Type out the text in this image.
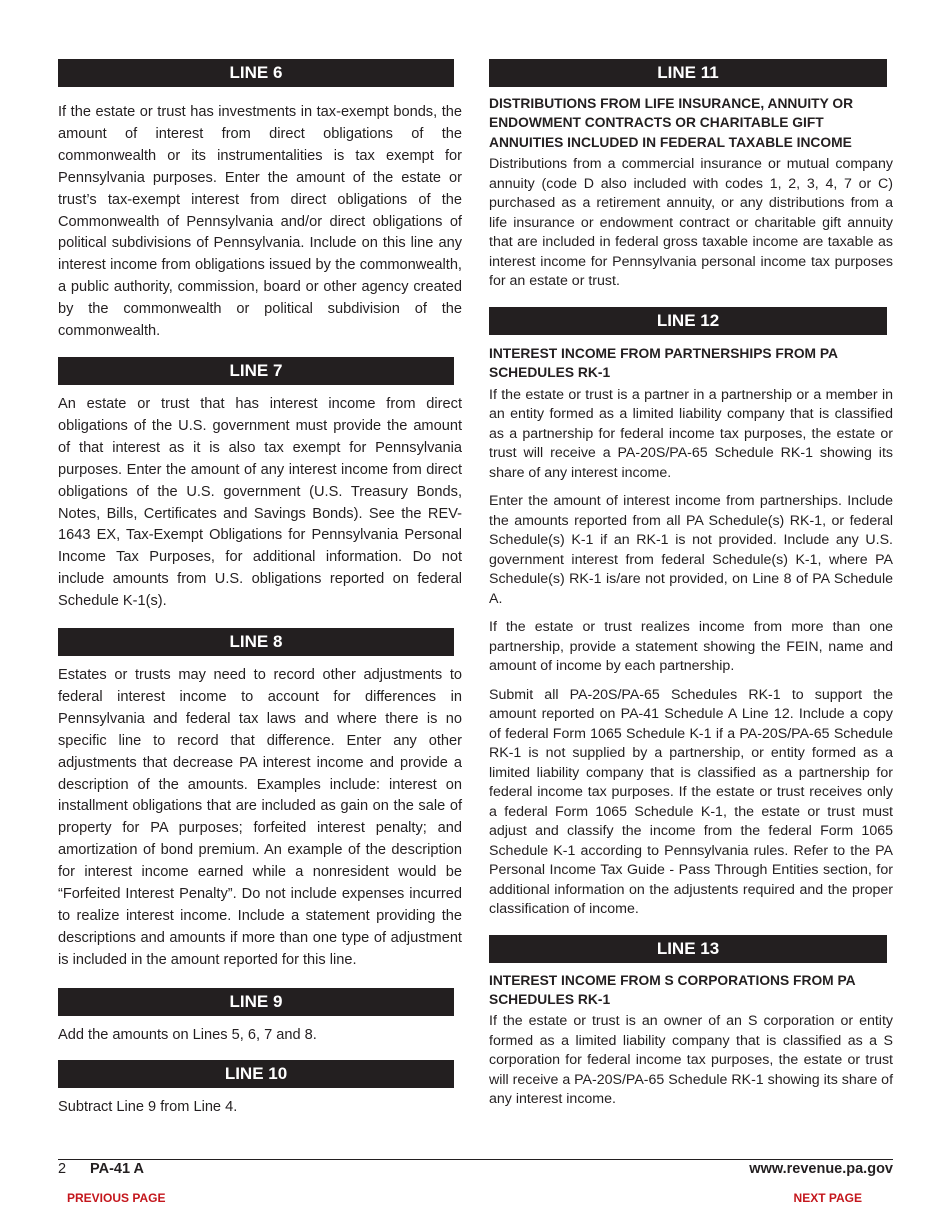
LINE 6

If the estate or trust has investments in tax-exempt bonds, the amount of interest from direct obligations of the commonwealth or its instrumentalities is tax exempt for Pennsylvania purposes. Enter the amount of the estate or trust’s tax-exempt interest from direct obligations of the Commonwealth of Pennsylvania and/or direct obligations of political subdivisions of Pennsylvania. Include on this line any interest income from obligations issued by the commonwealth, a public authority, commission, board or other agency created by the commonwealth or political subdivision of the commonwealth.

LINE 7

An estate or trust that has interest income from direct obligations of the U.S. government must provide the amount of that interest as it is also tax exempt for Pennsylvania purposes. Enter the amount of any interest income from direct obligations of the U.S. government (U.S. Treasury Bonds, Notes, Bills, Certificates and Savings Bonds). See the REV-1643 EX, Tax-Exempt Obligations for Pennsylvania Personal Income Tax Purposes, for additional information. Do not include amounts from U.S. obligations reported on federal Schedule K-1(s).

LINE 8

Estates or trusts may need to record other adjustments to federal interest income to account for differences in Pennsylvania and federal tax laws and where there is no specific line to record that difference. Enter any other adjustments that decrease PA interest income and provide a description of the amounts. Examples include: interest on installment obligations that are included as gain on the sale of property for PA purposes; forfeited interest penalty; and amortization of bond premium. An example of the description for interest income earned while a nonresident would be “Forfeited Interest Penalty”. Do not include expenses incurred to realize interest income. Include a statement providing the descriptions and amounts if more than one type of adjustment is included in the amount reported for this line.

LINE 9

Add the amounts on Lines 5, 6, 7 and 8.

LINE 10

Subtract Line 9 from Line 4.

LINE 11

DISTRIBUTIONS FROM LIFE INSURANCE, ANNUITY OR ENDOWMENT CONTRACTS OR CHARITABLE GIFT ANNUITIES INCLUDED IN FEDERAL TAXABLE INCOME

Distributions from a commercial insurance or mutual company annuity (code D also included with codes 1, 2, 3, 4, 7 or C) purchased as a retirement annuity, or any distributions from a life insurance or endowment contract or charitable gift annuity that are included in federal gross taxable income are taxable as interest income for Pennsylvania personal income tax purposes for an estate or trust.

LINE 12

INTEREST INCOME FROM PARTNERSHIPS FROM PA SCHEDULES RK-1

If the estate or trust is a partner in a partnership or a member in an entity formed as a limited liability company that is classified as a partnership for federal income tax purposes, the estate or trust will receive a PA-20S/PA-65 Schedule RK-1 showing its share of any interest income.

Enter the amount of interest income from partnerships. Include the amounts reported from all PA Schedule(s) RK-1, or federal Schedule(s) K-1 if an RK-1 is not provided. Include any U.S. government interest from federal Schedule(s) K-1, where PA Schedule(s) RK-1 is/are not provided, on Line 8 of PA Schedule A.

If the estate or trust realizes income from more than one partnership, provide a statement showing the FEIN, name and amount of income by each partnership.

Submit all PA-20S/PA-65 Schedules RK-1 to support the amount reported on PA-41 Schedule A Line 12. Include a copy of federal Form 1065 Schedule K-1 if a PA-20S/PA-65 Schedule RK-1 is not supplied by a partnership, or entity formed as a limited liability company that is classified as a partnership for federal income tax purposes. If the estate or trust receives only a federal Form 1065 Schedule K-1, the estate or trust must adjust and classify the income from the federal Form 1065 Schedule K-1 according to Pennsylvania rules. Refer to the PA Personal Income Tax Guide - Pass Through Entities section, for additional information on the adjustents required and the proper classification of income.

LINE 13

INTEREST INCOME FROM S CORPORATIONS FROM PA SCHEDULES RK-1

If the estate or trust is an owner of an S corporation or entity formed as a limited liability company that is classified as a S corporation for federal income tax purposes, the estate or trust will receive a PA-20S/PA-65 Schedule RK-1 showing its share of any interest income.

2 PA-41 A	www.revenue.pa.gov
PREVIOUS PAGE	NEXT PAGE
